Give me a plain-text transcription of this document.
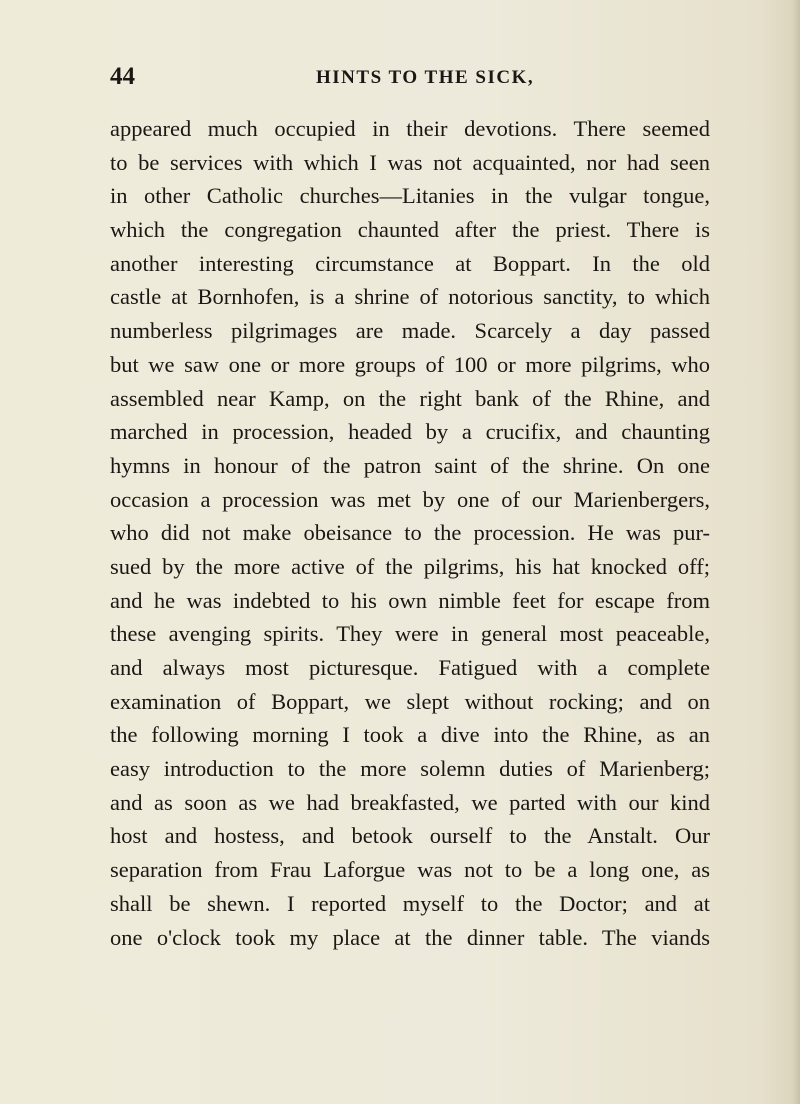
44	HINTS TO THE SICK,
appeared much occupied in their devotions. There seemed
to be services with which I was not acquainted, nor had seen
in other Catholic churches—Litanies in the vulgar tongue,
which the congregation chaunted after the priest. There is
another interesting circumstance at Boppart. In the old
castle at Bornhofen, is a shrine of notorious sanctity, to which
numberless pilgrimages are made. Scarcely a day passed
but we saw one or more groups of 100 or more pilgrims, who
assembled near Kamp, on the right bank of the Rhine, and
marched in procession, headed by a crucifix, and chaunting
hymns in honour of the patron saint of the shrine. On one
occasion a procession was met by one of our Marienbergers,
who did not make obeisance to the procession. He was pur-
sued by the more active of the pilgrims, his hat knocked off;
and he was indebted to his own nimble feet for escape from
these avenging spirits. They were in general most peaceable,
and always most picturesque. Fatigued with a complete
examination of Boppart, we slept without rocking; and on
the following morning I took a dive into the Rhine, as an
easy introduction to the more solemn duties of Marienberg;
and as soon as we had breakfasted, we parted with our kind
host and hostess, and betook ourself to the Anstalt. Our
separation from Frau Laforgue was not to be a long one, as
shall be shewn. I reported myself to the Doctor; and at
one o'clock took my place at the dinner table. The viands
